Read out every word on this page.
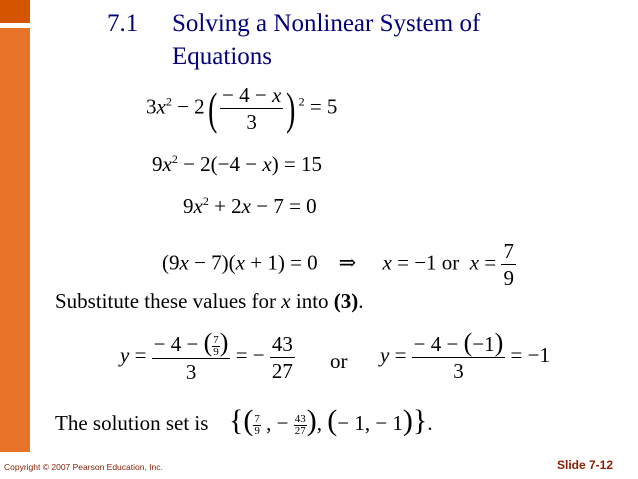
7.1 Solving a Nonlinear System of
Equations
$3x^2 - 2( \frac{- 4 - x}{3}$ ) $^2$ = 5
$9x^2 - 2(-4 - x) = 15$
$9x^2 + 2x - 7 = 0$
(9x − 7)(x + 1) = 0    ⇒     x = −1 or  $x = \frac{7}{9}$
Substitute these values for x into (3).
$y = \frac{- 4 - ( \frac{7}{9} )}{3}$ = − $\frac{43}{27}$ or $y = \frac{- 4 - (-1)}{3} = -1$
The solution set is {( $\frac{7}{9}$ , − $\frac{43}{27}$ ), (− 1, − 1)}.
Copyright © 2007 Pearson Education, Inc.	Slide 7-12
